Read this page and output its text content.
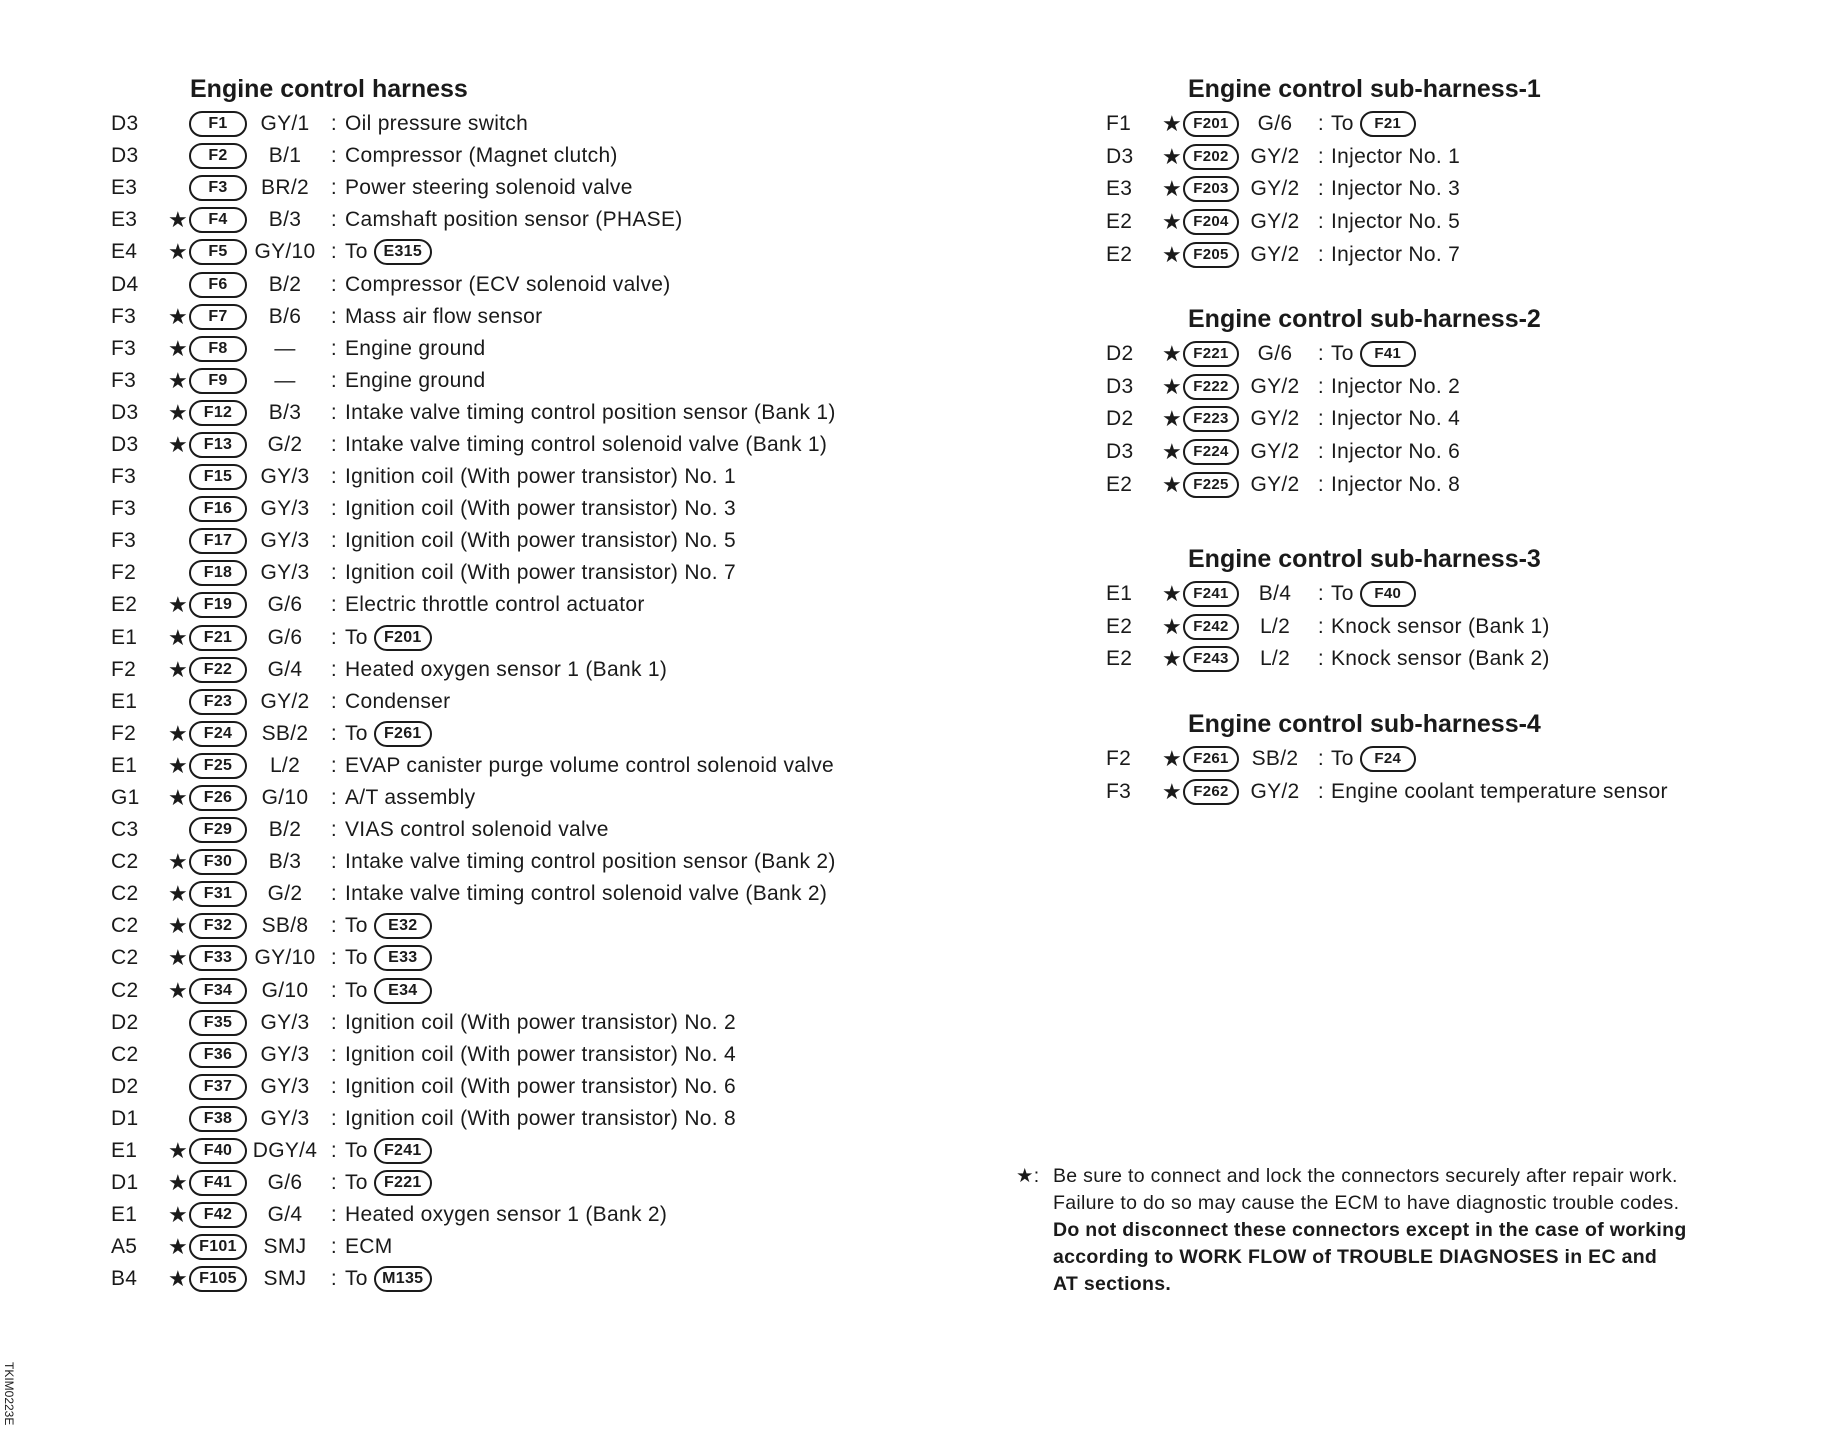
Engine control harness
D3	F1	GY/1	: Oil pressure switch
D3	F2	B/1	: Compressor (Magnet clutch)
E3	F3	BR/2	: Power steering solenoid valve
E3	★	F4	B/3	: Camshaft position sensor (PHASE)
E4	★	F5	GY/10 : To E315
D4	F6	B/2	: Compressor (ECV solenoid valve)
F3	★	F7	B/6	: Mass air flow sensor
F3	★	F8	—	: Engine ground
F3	★	F9	—	: Engine ground
D3	★ F12	B/3	: Intake valve timing control position sensor (Bank 1)
D3	★ F13	G/2	: Intake valve timing control solenoid valve (Bank 1)
F3	F15	GY/3	: Ignition coil (With power transistor) No. 1
F3	F16	GY/3	: Ignition coil (With power transistor) No. 3
F3	F17	GY/3	: Ignition coil (With power transistor) No. 5
F2	F18	GY/3	: Ignition coil (With power transistor) No. 7
E2	★ F19	G/6	: Electric throttle control actuator
E1	★ F21	G/6	: To	F201
F2	★ F22	G/4	: Heated oxygen sensor 1 (Bank 1)
E1	F23	GY/2	: Condenser
F2	★ F24	SB/2	: To	F261
E1	★ F25	L/2	: EVAP canister purge volume control solenoid valve
G1	★ F26	G/10	: A/T assembly
C3	F29	B/2	: VIAS control solenoid valve
C2	★ F30	B/3	: Intake valve timing control position sensor (Bank 2)
C2	★ F31	G/2	: Intake valve timing control solenoid valve (Bank 2)
C2	★ F32	SB/8	: To	E32
C2	★ F33	GY/10 : To	E33
C2	★ F34	G/10	: To	E34
D2	F35	GY/3	: Ignition coil (With power transistor) No. 2
C2	F36	GY/3	: Ignition coil (With power transistor) No. 4
D2	F37	GY/3	: Ignition coil (With power transistor) No. 6
D1	F38	GY/3	: Ignition coil (With power transistor) No. 8
E1	★ F40 DGY/4 : To	F241
D1	★ F41	G/6	: To	F221
E1	★ F42	G/4	: Heated oxygen sensor 1 (Bank 2)
A5	★ F101	SMJ	: ECM
B4	★ F105	SMJ	: To M135
Engine control sub-harness-1
F1	★ F201	G/6	: To	F21
D3	★ F202	GY/2 : Injector No. 1
E3	★ F203	GY/2 : Injector No. 3
E2	★ F204	GY/2 : Injector No. 5
E2	★ F205	GY/2 : Injector No. 7
Engine control sub-harness-2
D2	★ F221	G/6	: To	F41
D3	★ F222	GY/2 : Injector No. 2
D2	★ F223	GY/2 : Injector No. 4
D3	★ F224	GY/2 : Injector No. 6
E2	★ F225	GY/2 : Injector No. 8
Engine control sub-harness-3
E1	★ F241	B/4	: To	F40
E2	★ F242	L/2	: Knock sensor (Bank 1)
E2	★ F243	L/2	: Knock sensor (Bank 2)
Engine control sub-harness-4
F2	★ F261	SB/2 : To	F24
F3	★ F262	GY/2 : Engine coolant temperature sensor
★: Be sure to connect and lock the connectors securely after repair work.
Failure to do so may cause the ECM to have diagnostic trouble codes.
Do not disconnect these connectors except in the case of working
according to WORK FLOW of TROUBLE DIAGNOSES in EC and
AT sections.
TKIM0223E
